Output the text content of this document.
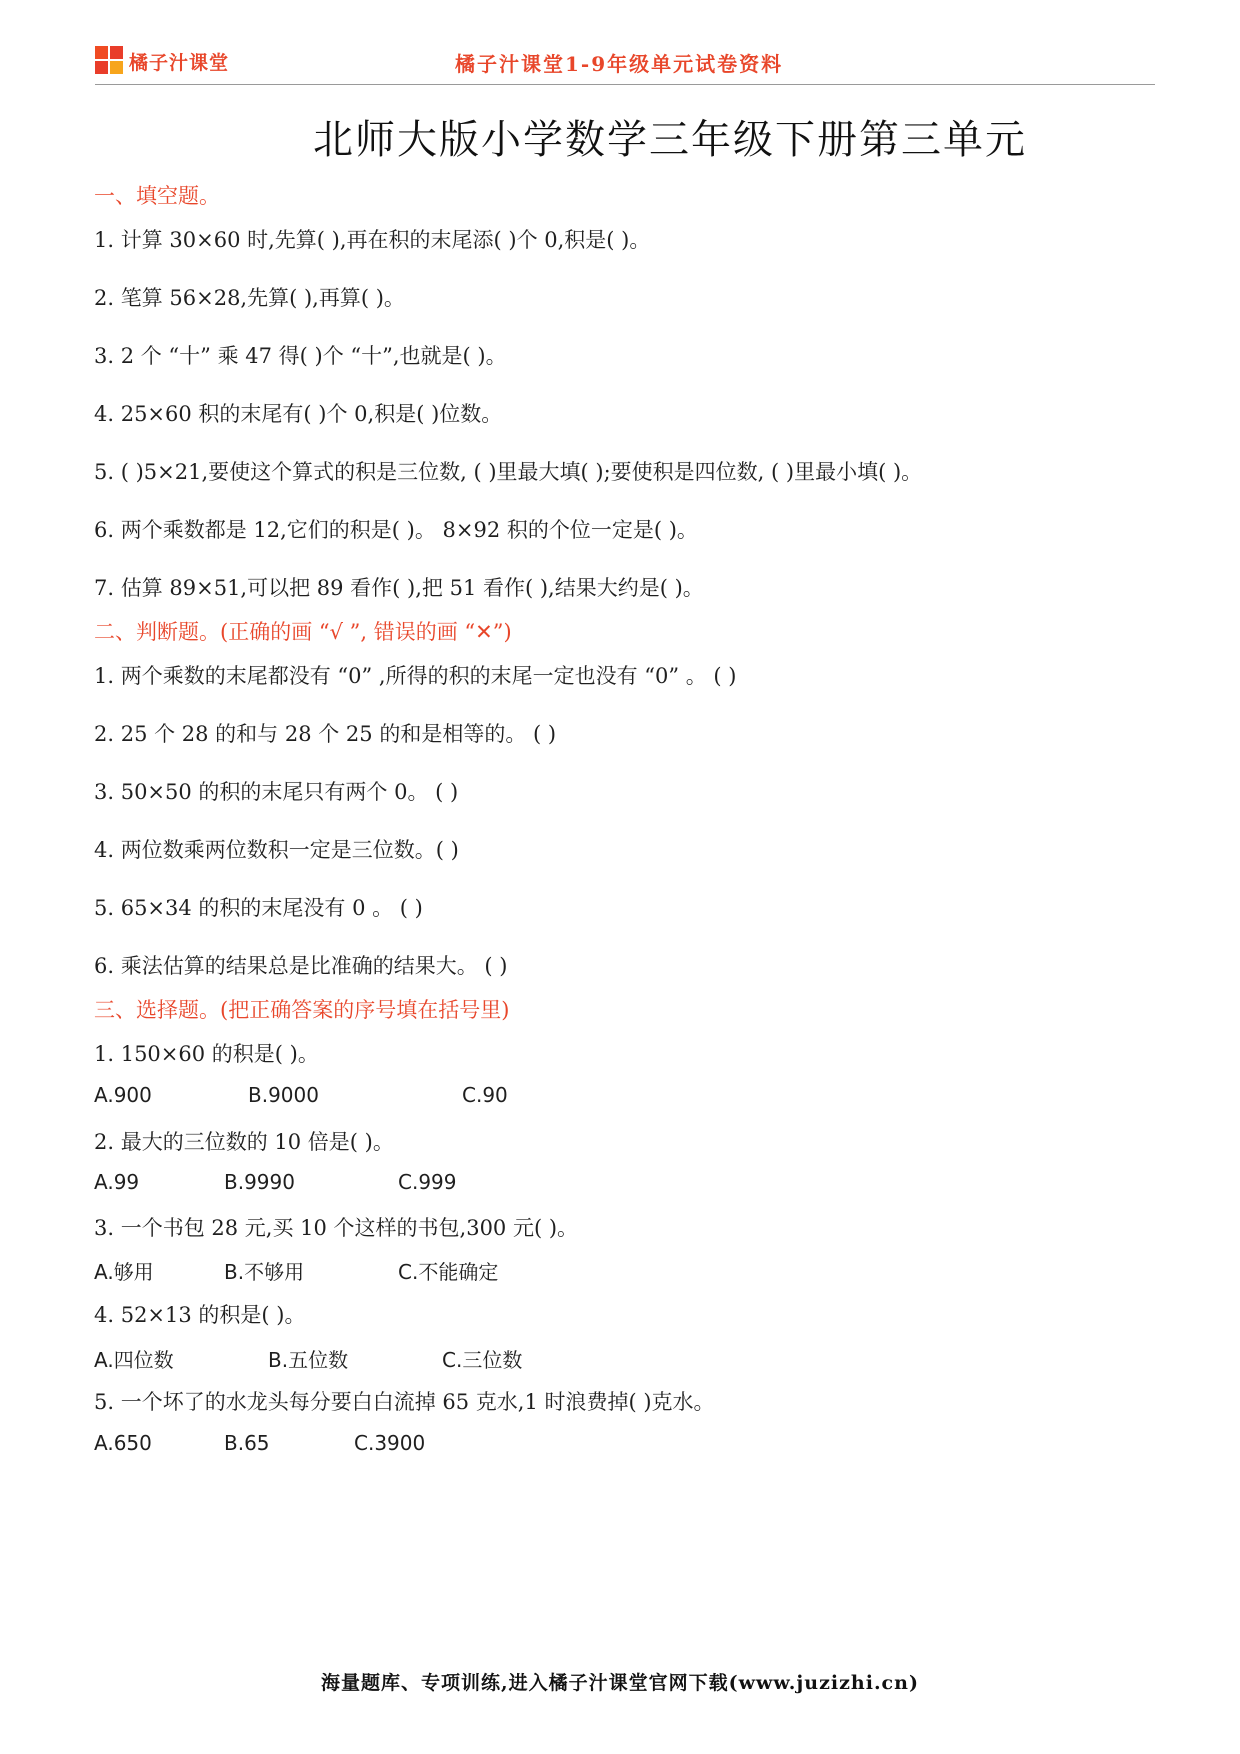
橘子汁课堂	橘子汁课堂1-9年级单元试卷资料
北师大版小学数学三年级下册第三单元
一、填空题。
1. 计算 30×60 时,先算( ),再在积的末尾添( )个 0,积是( )。
2. 笔算 56×28,先算( ),再算( )。
3. 2 个 “十” 乘 47 得( )个 “十”,也就是( )。
4. 25×60 积的末尾有( )个 0,积是( )位数。
5. ( )5×21,要使这个算式的积是三位数, ( )里最大填( );要使积是四位数, ( )里最小填( )。
6. 两个乘数都是 12,它们的积是( )。 8×92 积的个位一定是( )。
7. 估算 89×51,可以把 89 看作( ),把 51 看作( ),结果大约是( )。
二、判断题。(正确的画 “√ ”, 错误的画 “✕”)
1. 两个乘数的末尾都没有 “0” ,所得的积的末尾一定也没有 “0” 。 ( )
2. 25 个 28 的和与 28 个 25 的和是相等的。 ( )
3. 50×50 的积的末尾只有两个 0。 ( )
4. 两位数乘两位数积一定是三位数。( )
5. 65×34 的积的末尾没有 0 。 ( )
6. 乘法估算的结果总是比准确的结果大。 ( )
三、选择题。(把正确答案的序号填在括号里)
1. 150×60 的积是( )。
A.900	B.9000	C.90
2. 最大的三位数的 10 倍是( )。
A.99	B.9990	C.999
3. 一个书包 28 元,买 10 个这样的书包,300 元( )。
A.够用	B.不够用	C.不能确定
4. 52×13 的积是( )。
A.四位数	B.五位数	C.三位数
5. 一个坏了的水龙头每分要白白流掉 65 克水,1 时浪费掉( )克水。
A.650	B.65	C.3900
海量题库、专项训练,进入橘子汁课堂官网下载(www.juzizhi.cn)
